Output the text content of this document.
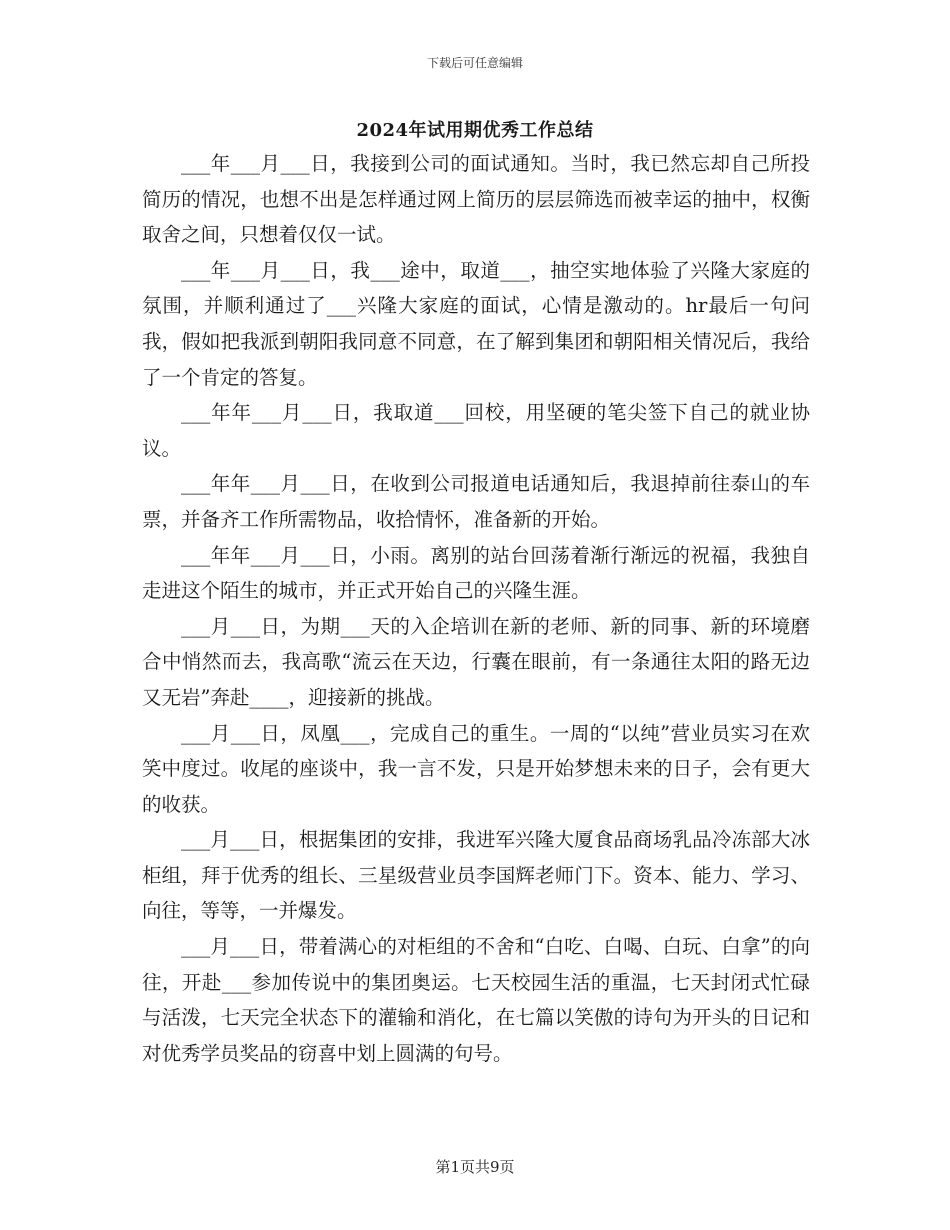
下载后可任意编辑
2024年试用期优秀工作总结

___年___月___日，我接到公司的面试通知。当时，我已然忘却自己所投简历的情况，也想不出是怎样通过网上简历的层层筛选而被幸运的抽中，权衡取舍之间，只想着仅仅一试。

___年___月___日，我___途中，取道___，抽空实地体验了兴隆大家庭的氛围，并顺利通过了___兴隆大家庭的面试，心情是激动的。hr最后一句问我，假如把我派到朝阳我同意不同意，在了解到集团和朝阳相关情况后，我给了一个肯定的答复。

___年年___月___日，我取道___回校，用坚硬的笔尖签下自己的就业协议。

___年年___月___日，在收到公司报道电话通知后，我退掉前往泰山的车票，并备齐工作所需物品，收拾情怀，准备新的开始。

___年年___月___日，小雨。离别的站台回荡着渐行渐远的祝福，我独自走进这个陌生的城市，并正式开始自己的兴隆生涯。

___月___日，为期___天的入企培训在新的老师、新的同事、新的环境磨合中悄然而去，我高歌“流云在天边，行囊在眼前，有一条通往太阳的路无边又无岩”奔赴____，迎接新的挑战。

___月___日，凤凰___，完成自己的重生。一周的“以纯”营业员实习在欢笑中度过。收尾的座谈中，我一言不发，只是开始梦想未来的日子，会有更大的收获。

___月___日，根据集团的安排，我进军兴隆大厦食品商场乳品冷冻部大冰柜组，拜于优秀的组长、三星级营业员李国辉老师门下。资本、能力、学习、向往，等等，一并爆发。

___月___日，带着满心的对柜组的不舍和“白吃、白喝、白玩、白拿”的向往，开赴___参加传说中的集团奥运。七天校园生活的重温，七天封闭式忙碌与活泼，七天完全状态下的灌输和消化，在七篇以笑傲的诗句为开头的日记和对优秀学员奖品的窃喜中划上圆满的句号。

第1页共9页
